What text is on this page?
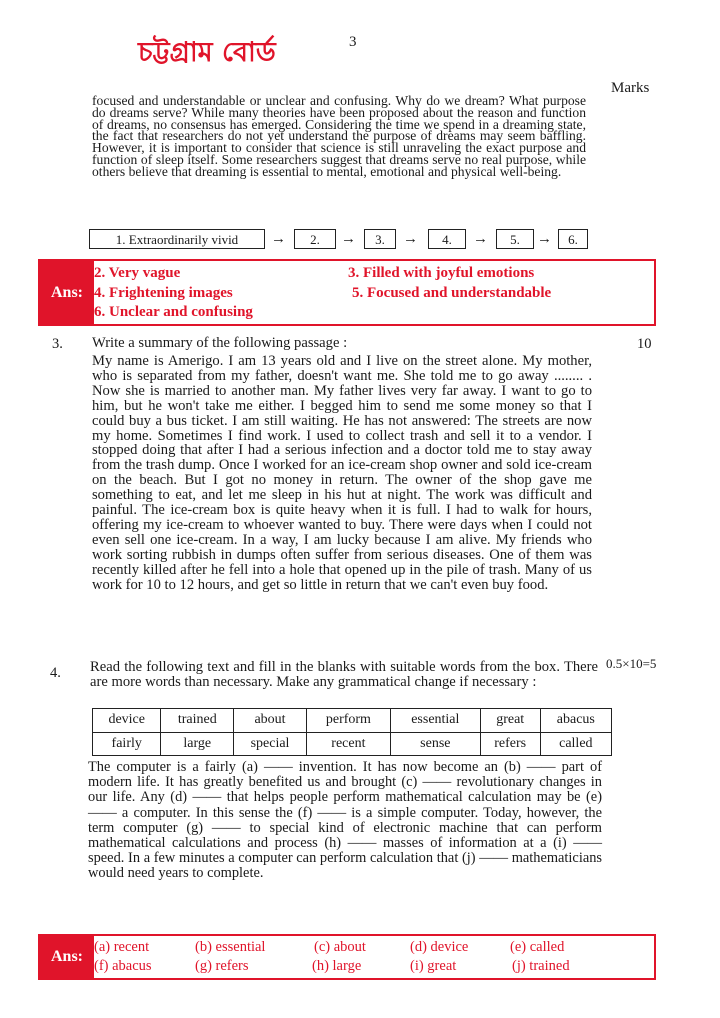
চট্টগ্রাম বোর্ড	3
Marks
focused and understandable or unclear and confusing. Why do we dream? What purpose do dreams serve? While many theories have been proposed about the reason and function of dreams, no consensus has emerged. Considering the time we spend in a dreaming state, the fact that researchers do not yet understand the purpose of dreams may seem baffling. However, it is important to consider that science is still unraveling the exact purpose and function of sleep itself. Some researchers suggest that dreams serve no real purpose, while others believe that dreaming is essential to mental, emotional and physical well-being.
1. Extraordinarily vivid	→	2.	→	3.	→	4.	→	5.	→	6.
Ans:
2. Very vague	3. Filled with joyful emotions
4. Frightening images	5. Focused and understandable
6. Unclear and confusing
3. Write a summary of the following passage :	10
My name is Amerigo. I am 13 years old and I live on the street alone. My mother, who is separated from my father, doesn't want me. She told me to go away ........ . Now she is married to another man. My father lives very far away. I want to go to him, but he won't take me either. I begged him to send me some money so that I could buy a bus ticket. I am still waiting. He has not answered: The streets are now my home. Sometimes I find work. I used to collect trash and sell it to a vendor. I stopped doing that after I had a serious infection and a doctor told me to stay away from the trash dump. Once I worked for an ice-cream shop owner and sold ice-cream on the beach. But I got no money in return. The owner of the shop gave me something to eat, and let me sleep in his hut at night. The work was difficult and painful. The ice-cream box is quite heavy when it is full. I had to walk for hours, offering my ice-cream to whoever wanted to buy. There were days when I could not even sell one ice-cream. In a way, I am lucky because I am alive. My friends who work sorting rubbish in dumps often suffer from serious diseases. One of them was recently killed after he fell into a hole that opened up in the pile of trash. Many of us work for 10 to 12 hours, and get so little in return that we can't even buy food.
4. Read the following text and fill in the blanks with suitable words from the box. There are more words than necessary. Make any grammatical change if necessary :
0.5×10=5
device	trained	about	perform	essential	great	abacus
fairly	large	special	recent	sense	refers	called
The computer is a fairly (a) —— invention. It has now become an (b) —— part of modern life. It has greatly benefited us and brought (c) —— revolutionary changes in our life. Any (d) —— that helps people perform mathematical calculation may be (e) —— a computer. In this sense the (f) —— is a simple computer. Today, however, the term computer (g) —— to special kind of electronic machine that can perform mathematical calculations and process (h) —— masses of information at a (i) —— speed. In a few minutes a computer can perform calculation that (j) —— mathematicians would need years to complete.
Ans:
(a) recent	(b) essential	(c) about	(d) device	(e) called
(f) abacus	(g) refers	(h) large	(i) great	(j) trained
